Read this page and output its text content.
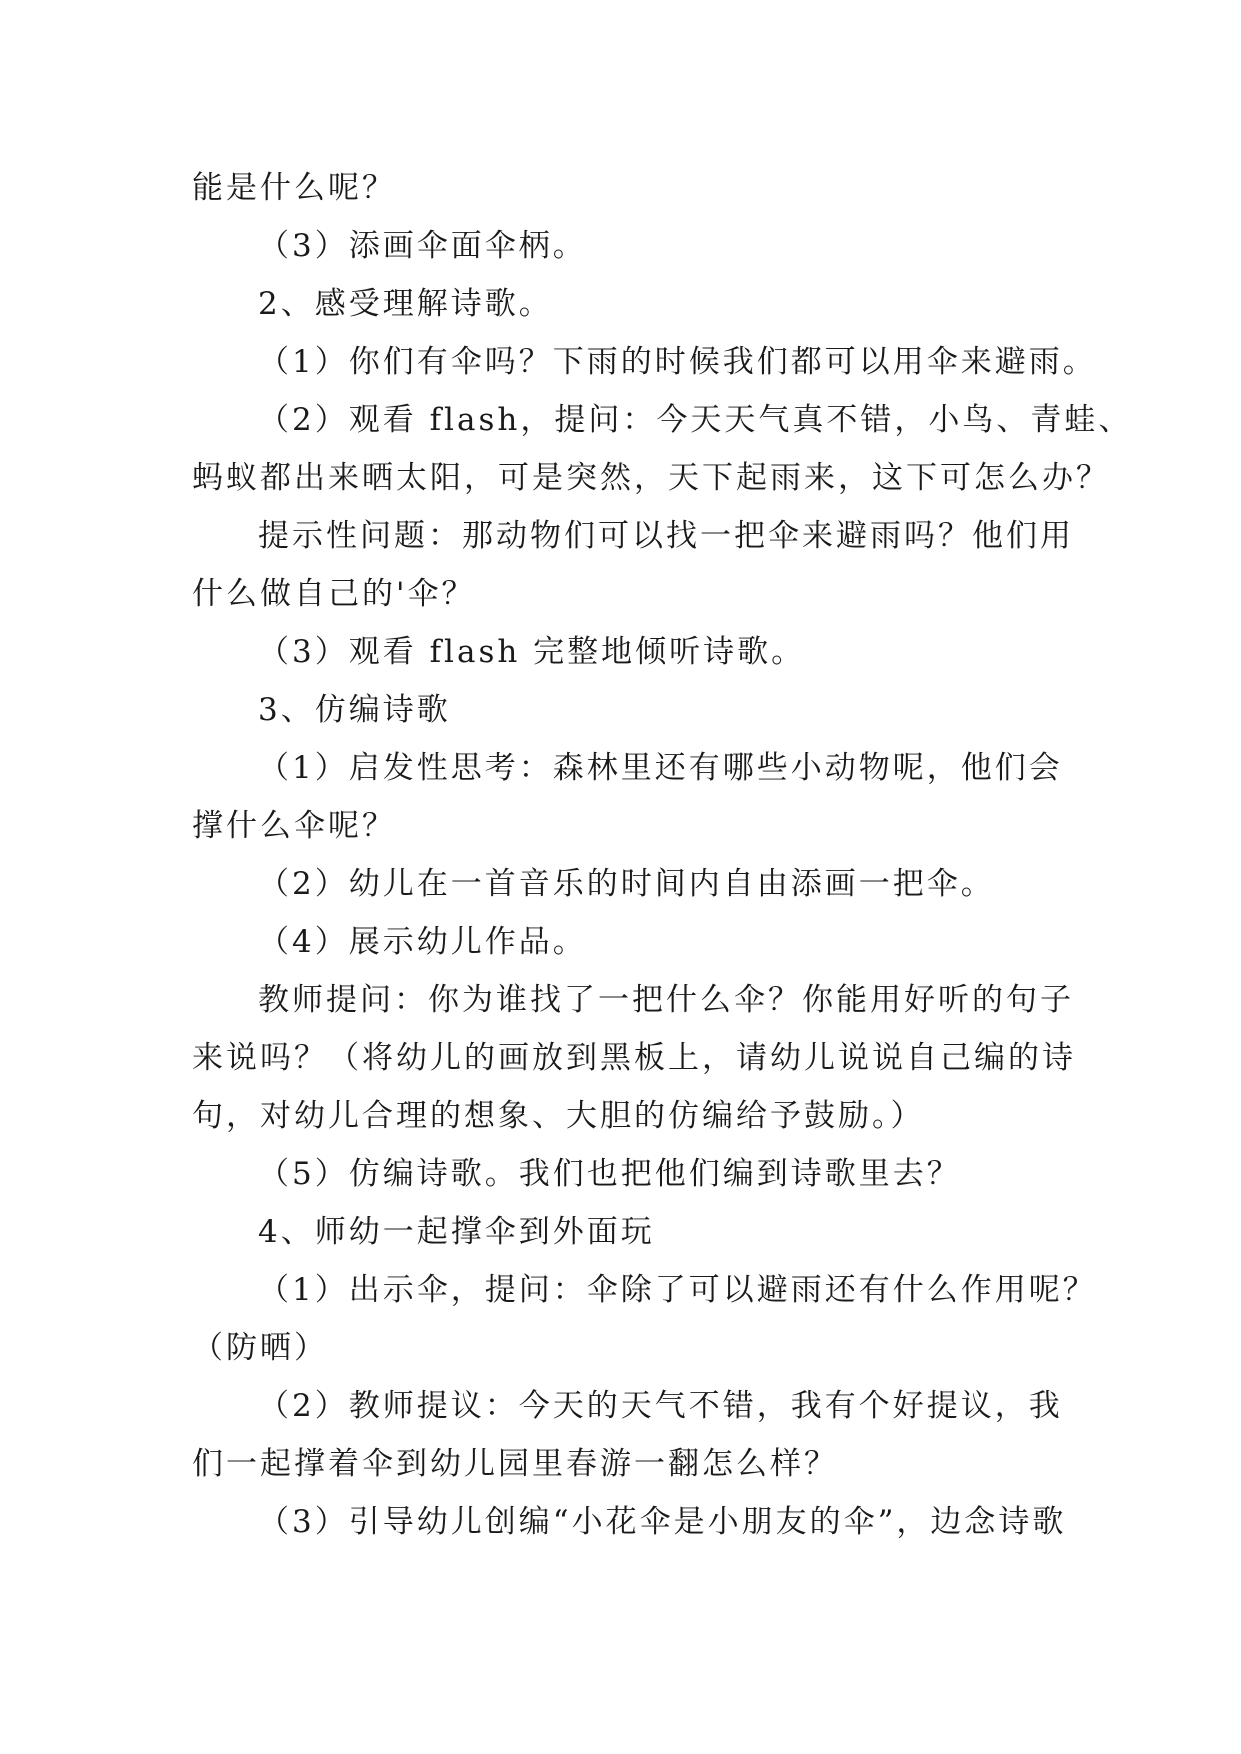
能是什么呢？
（3）添画伞面伞柄。
2、感受理解诗歌。
（1）你们有伞吗？下雨的时候我们都可以用伞来避雨。
（2）观看 flash，提问：今天天气真不错，小鸟、青蛙、
蚂蚁都出来晒太阳，可是突然，天下起雨来，这下可怎么办？
提示性问题：那动物们可以找一把伞来避雨吗？他们用
什么做自己的'伞？
（3）观看 flash 完整地倾听诗歌。
3、仿编诗歌
（1）启发性思考：森林里还有哪些小动物呢，他们会
撑什么伞呢？
（2）幼儿在一首音乐的时间内自由添画一把伞。
（4）展示幼儿作品。
教师提问：你为谁找了一把什么伞？你能用好听的句子
来说吗？（将幼儿的画放到黑板上，请幼儿说说自己编的诗
句，对幼儿合理的想象、大胆的仿编给予鼓励。）
（5）仿编诗歌。我们也把他们编到诗歌里去？
4、师幼一起撑伞到外面玩
（1）出示伞，提问：伞除了可以避雨还有什么作用呢？
（防晒）
（2）教师提议：今天的天气不错，我有个好提议，我
们一起撑着伞到幼儿园里春游一翻怎么样？
（3）引导幼儿创编“小花伞是小朋友的伞”，边念诗歌
